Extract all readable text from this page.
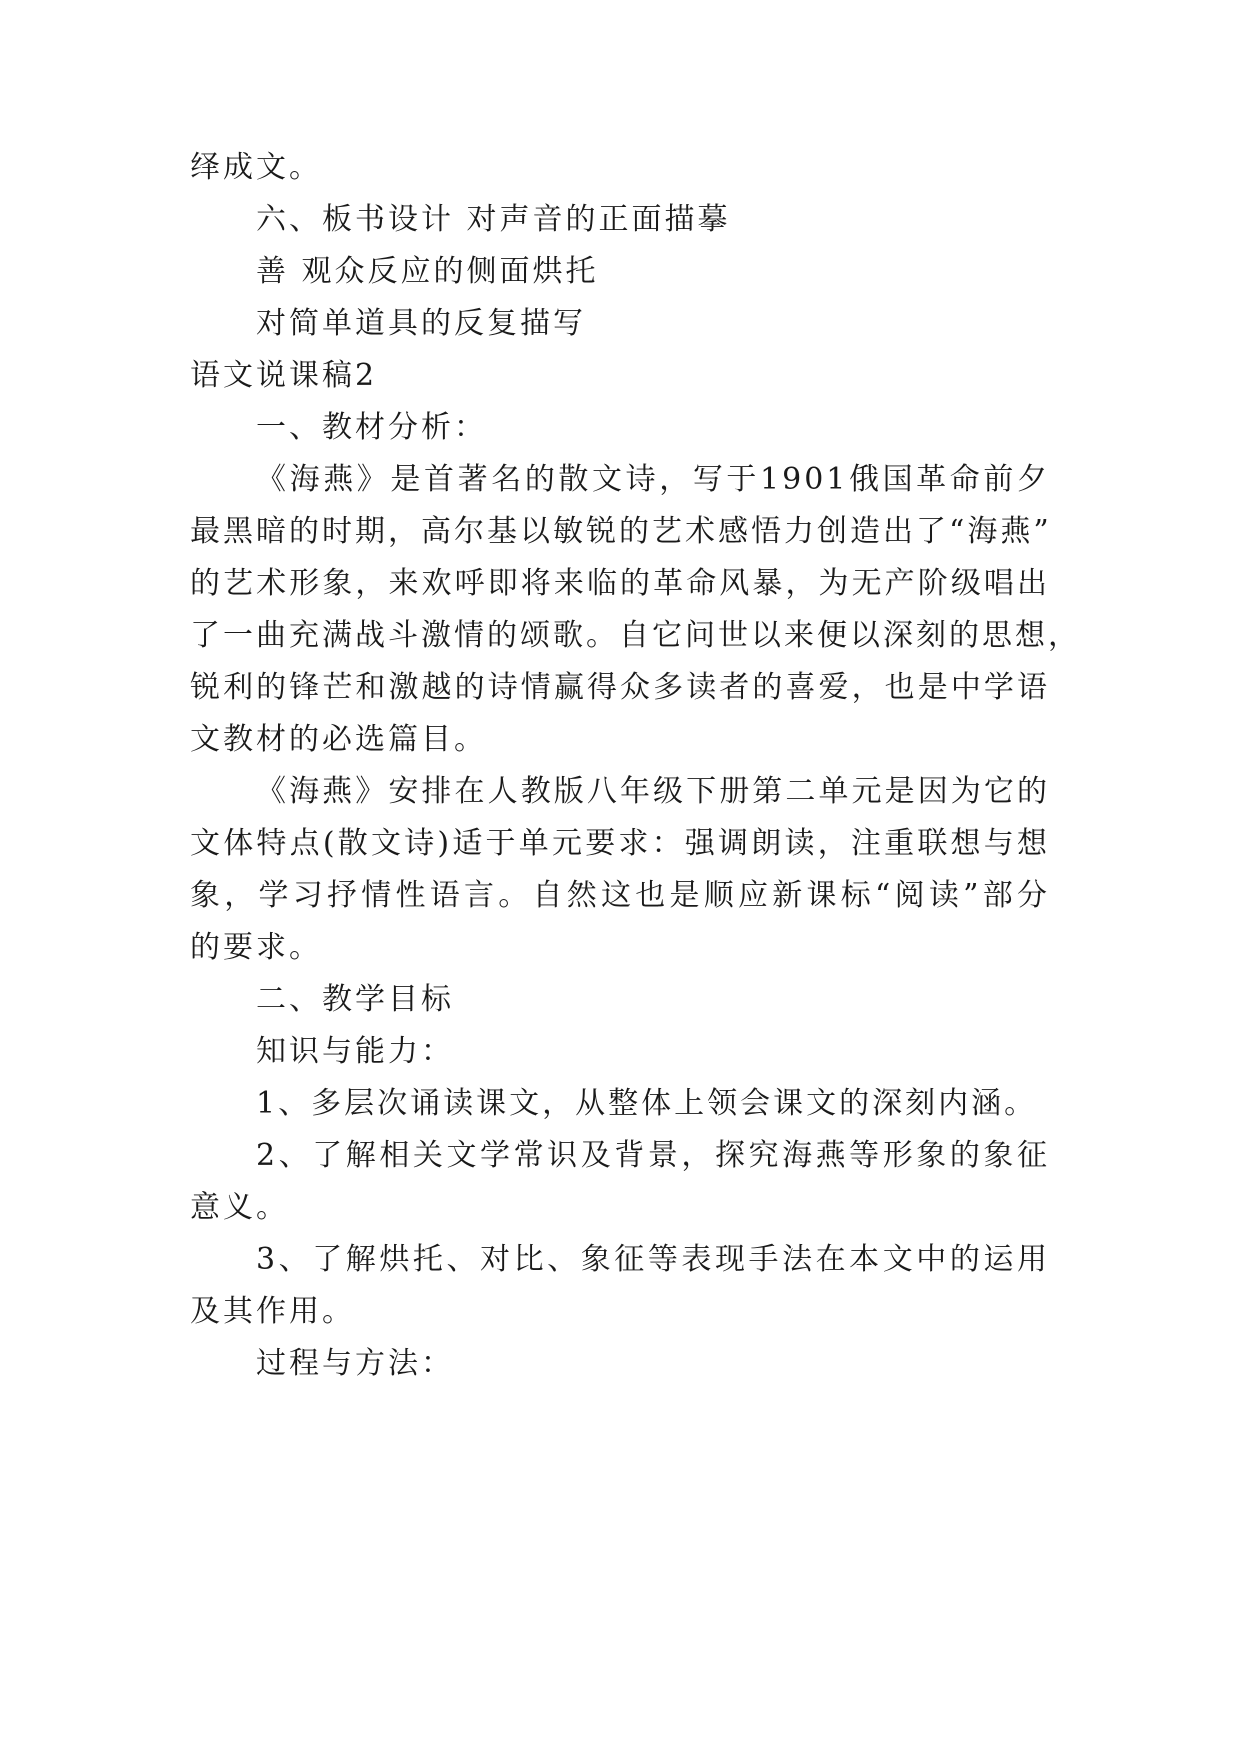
绎成文。
六、板书设计 对声音的正面描摹
善 观众反应的侧面烘托
对简单道具的反复描写
语文说课稿2
一、教材分析：
《海燕》是首著名的散文诗，写于1901俄国革命前夕
最黑暗的时期，高尔基以敏锐的艺术感悟力创造出了“海燕”
的艺术形象，来欢呼即将来临的革命风暴，为无产阶级唱出
了一曲充满战斗激情的颂歌。自它问世以来便以深刻的思想，
锐利的锋芒和激越的诗情赢得众多读者的喜爱，也是中学语
文教材的必选篇目。
《海燕》安排在人教版八年级下册第二单元是因为它的
文体特点(散文诗)适于单元要求：强调朗读，注重联想与想
象，学习抒情性语言。自然这也是顺应新课标“阅读”部分
的要求。
二、教学目标
知识与能力：
1、多层次诵读课文，从整体上领会课文的深刻内涵。
2、了解相关文学常识及背景，探究海燕等形象的象征
意义。
3、了解烘托、对比、象征等表现手法在本文中的运用
及其作用。
过程与方法：
